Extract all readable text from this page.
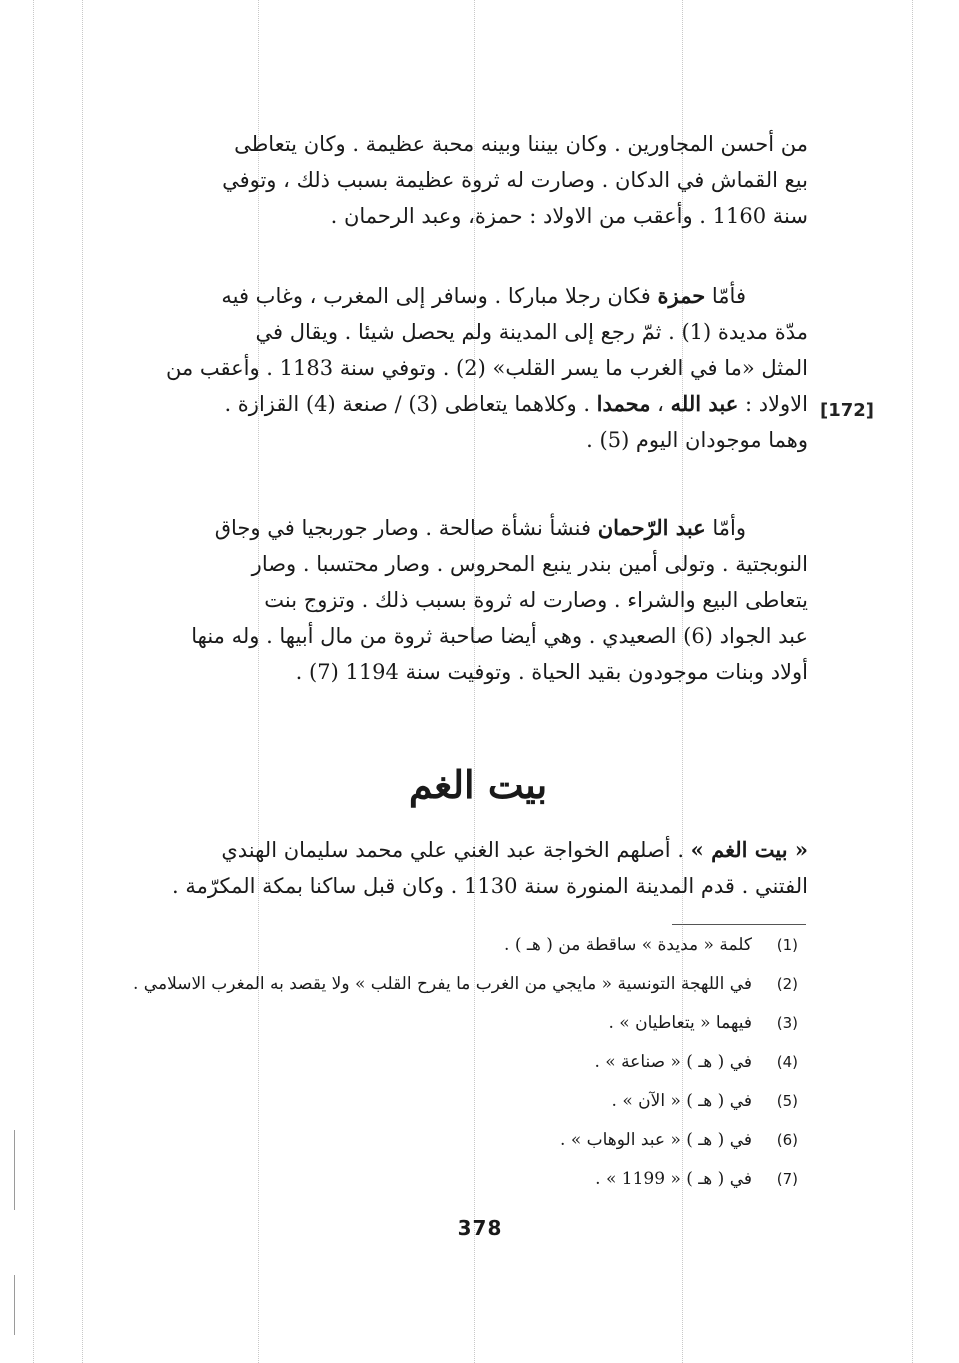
من أحسن المجاورين . وكان بيننا وبينه محبة عظيمة . وكان يتعاطى
بيع القماش في الدكان . وصارت له ثروة عظيمة بسبب ذلك ، وتوفي
سنة 1160 . وأعقب من الاولاد : حمزة، وعبد الرحمان .
فأمّا حمزة فكان رجلا مباركا . وسافر إلى المغرب ، وغاب فيه
مدّة مديدة (1) . ثمّ رجع إلى المدينة ولم يحصل شيئا . ويقال في
المثل «ما في الغرب ما يسر القلب» (2) . وتوفي سنة 1183 . وأعقب من
الاولاد : عبد الله ، محمدا . وكلاهما يتعاطى (3) / صنعة (4) القزازة .
وهما موجودان اليوم (5) .
[172]
وأمّا عبد الرّحمان فنشأ نشأة صالحة . وصار جوربجيا في وجاق
النوبجتية . وتولى أمين بندر ينبع المحروس . وصار محتسبا . وصار
يتعاطى البيع والشراء . وصارت له ثروة بسبب ذلك . وتزوج بنت
عبد الجواد (6) الصعيدي . وهي أيضا صاحبة ثروة من مال أبيها . وله منها
أولاد وبنات موجودون بقيد الحياة . وتوفيت سنة 1194 (7) .
بيت الغم
« بيت الغم » . أصلهم الخواجة عبد الغني علي محمد سليمان الهندي
الفتني . قدم المدينة المنورة سنة 1130 . وكان قبل ساكنا بمكة المكرّمة .
(1)
كلمة « مديدة » ساقطة من ( هـ ) .
(2)
في اللهجة التونسية « مايجي من الغرب ما يفرح القلب » ولا يقصد به المغرب الاسلامي .
(3)
فيهما « يتعاطيان » .
(4)
في ( هـ ) « صناعة » .
(5)
في ( هـ ) « الآن » .
(6)
في ( هـ ) « عبد الوهاب » .
(7)
في ( هـ ) « 1199 » .
378
